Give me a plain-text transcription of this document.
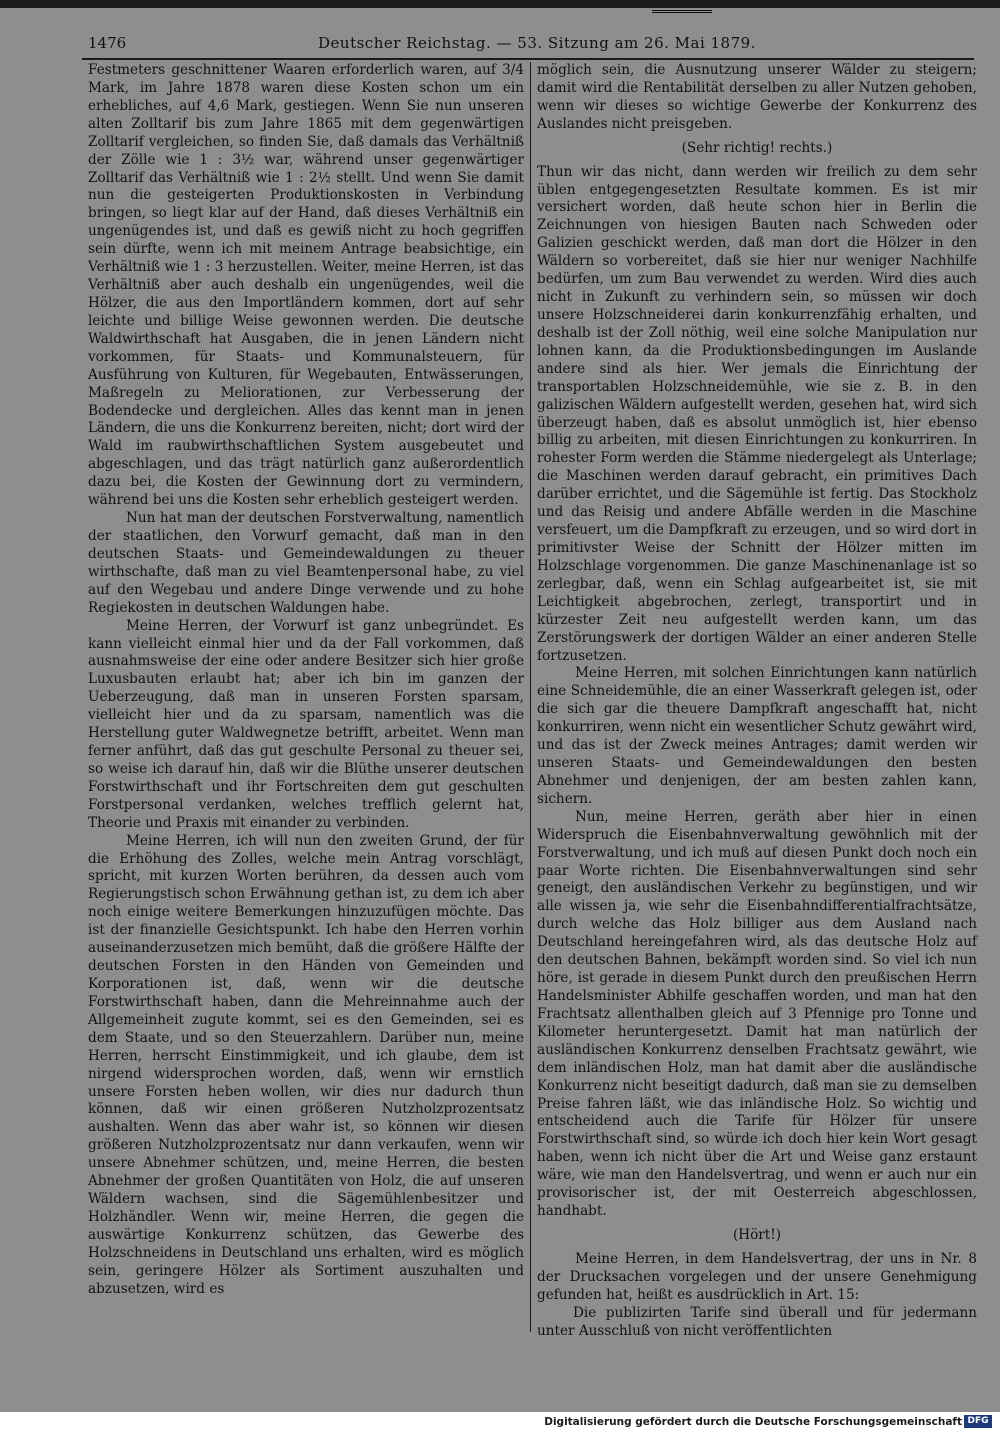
1476	Deutscher Reichstag. — 53. Sitzung am 26. Mai 1879.

Festmeters geschnittener Waaren erforderlich waren, auf 3/4 Mark, im Jahre 1878 waren diese Kosten schon um ein erhebliches, auf 4,6 Mark, gestiegen. Wenn Sie nun unseren alten Zolltarif bis zum Jahre 1865 mit dem gegenwärtigen Zolltarif vergleichen, so finden Sie, daß damals das Verhältniß der Zölle wie 1 : 3½ war, während unser gegenwärtiger Zolltarif das Verhältniß wie 1 : 2½ stellt. Und wenn Sie damit nun die gesteigerten Produktionskosten in Verbindung bringen, so liegt klar auf der Hand, daß dieses Verhältniß ein ungenügendes ist, und daß es gewiß nicht zu hoch gegriffen sein dürfte, wenn ich mit meinem Antrage beabsichtige, ein Verhältniß wie 1 : 3 herzustellen. Weiter, meine Herren, ist das Verhältniß aber auch deshalb ein ungenügendes, weil die Hölzer, die aus den Importländern kommen, dort auf sehr leichte und billige Weise gewonnen werden. Die deutsche Waldwirthschaft hat Ausgaben, die in jenen Ländern nicht vorkommen, für Staats- und Kommunalsteuern, für Ausführung von Kulturen, für Wegebauten, Entwässerungen, Maßregeln zu Meliorationen, zur Verbesserung der Bodendecke und dergleichen. Alles das kennt man in jenen Ländern, die uns die Konkurrenz bereiten, nicht; dort wird der Wald im raubwirthschaftlichen System ausgebeutet und abgeschlagen, und das trägt natürlich ganz außerordentlich dazu bei, die Kosten der Gewinnung dort zu vermindern, während bei uns die Kosten sehr erheblich gesteigert werden.

Nun hat man der deutschen Forstverwaltung, namentlich der staatlichen, den Vorwurf gemacht, daß man in den deutschen Staats- und Gemeindewaldungen zu theuer wirthschafte, daß man zu viel Beamtenpersonal habe, zu viel auf den Wegebau und andere Dinge verwende und zu hohe Regiekosten in deutschen Waldungen habe.

Meine Herren, der Vorwurf ist ganz unbegründet. Es kann vielleicht einmal hier und da der Fall vorkommen, daß ausnahmsweise der eine oder andere Besitzer sich hier große Luxusbauten erlaubt hat; aber ich bin im ganzen der Ueberzeugung, daß man in unseren Forsten sparsam, vielleicht hier und da zu sparsam, namentlich was die Herstellung guter Waldwegnetze betrifft, arbeitet. Wenn man ferner anführt, daß das gut geschulte Personal zu theuer sei, so weise ich darauf hin, daß wir die Blüthe unserer deutschen Forstwirthschaft und ihr Fortschreiten dem gut geschulten Forstpersonal verdanken, welches trefflich gelernt hat, Theorie und Praxis mit einander zu verbinden.

Meine Herren, ich will nun den zweiten Grund, der für die Erhöhung des Zolles, welche mein Antrag vorschlägt, spricht, mit kurzen Worten berühren, da dessen auch vom Regierungstisch schon Erwähnung gethan ist, zu dem ich aber noch einige weitere Bemerkungen hinzuzufügen möchte. Das ist der finanzielle Gesichtspunkt. Ich habe den Herren vorhin auseinanderzusetzen mich bemüht, daß die größere Hälfte der deutschen Forsten in den Händen von Gemeinden und Korporationen ist, daß, wenn wir die deutsche Forstwirthschaft haben, dann die Mehreinnahme auch der Allgemeinheit zugute kommt, sei es den Gemeinden, sei es dem Staate, und so den Steuerzahlern. Darüber nun, meine Herren, herrscht Einstimmigkeit, und ich glaube, dem ist nirgend widersprochen worden, daß, wenn wir ernstlich unsere Forsten heben wollen, wir dies nur dadurch thun können, daß wir einen größeren Nutzholzprozentsatz aushalten. Wenn das aber wahr ist, so können wir diesen größeren Nutzholzprozentsatz nur dann verkaufen, wenn wir unsere Abnehmer schützen, und, meine Herren, die besten Abnehmer der großen Quantitäten von Holz, die auf unseren Wäldern wachsen, sind die Sägemühlenbesitzer und Holzhändler. Wenn wir, meine Herren, die gegen die auswärtige Konkurrenz schützen, das Gewerbe des Holzschneidens in Deutschland uns erhalten, wird es möglich sein, geringere Hölzer als Sortiment auszuhalten und abzusetzen, wird es

möglich sein, die Ausnutzung unserer Wälder zu steigern; damit wird die Rentabilität derselben zu aller Nutzen gehoben, wenn wir dieses so wichtige Gewerbe der Konkurrenz des Auslandes nicht preisgeben.

(Sehr richtig! rechts.)

Thun wir das nicht, dann werden wir freilich zu dem sehr üblen entgegengesetzten Resultate kommen. Es ist mir versichert worden, daß heute schon hier in Berlin die Zeichnungen von hiesigen Bauten nach Schweden oder Galizien geschickt werden, daß man dort die Hölzer in den Wäldern so vorbereitet, daß sie hier nur weniger Nachhilfe bedürfen, um zum Bau verwendet zu werden. Wird dies auch nicht in Zukunft zu verhindern sein, so müssen wir doch unsere Holzschneiderei darin konkurrenzfähig erhalten, und deshalb ist der Zoll nöthig, weil eine solche Manipulation nur lohnen kann, da die Produktionsbedingungen im Auslande andere sind als hier. Wer jemals die Einrichtung der transportablen Holzschneidemühle, wie sie z. B. in den galizischen Wäldern aufgestellt werden, gesehen hat, wird sich überzeugt haben, daß es absolut unmöglich ist, hier ebenso billig zu arbeiten, mit diesen Einrichtungen zu konkurriren. In rohester Form werden die Stämme niedergelegt als Unterlage; die Maschinen werden darauf gebracht, ein primitives Dach darüber errichtet, und die Sägemühle ist fertig. Das Stockholz und das Reisig und andere Abfälle werden in die Maschine versfeuert, um die Dampfkraft zu erzeugen, und so wird dort in primitivster Weise der Schnitt der Hölzer mitten im Holzschlage vorgenommen. Die ganze Maschinenanlage ist so zerlegbar, daß, wenn ein Schlag aufgearbeitet ist, sie mit Leichtigkeit abgebrochen, zerlegt, transportirt und in kürzester Zeit neu aufgestellt werden kann, um das Zerstörungswerk der dortigen Wälder an einer anderen Stelle fortzusetzen.

Meine Herren, mit solchen Einrichtungen kann natürlich eine Schneidemühle, die an einer Wasserkraft gelegen ist, oder die sich gar die theuere Dampfkraft angeschafft hat, nicht konkurriren, wenn nicht ein wesentlicher Schutz gewährt wird, und das ist der Zweck meines Antrages; damit werden wir unseren Staats- und Gemeindewaldungen den besten Abnehmer und denjenigen, der am besten zahlen kann, sichern.

Nun, meine Herren, geräth aber hier in einen Widerspruch die Eisenbahnverwaltung gewöhnlich mit der Forstverwaltung, und ich muß auf diesen Punkt doch noch ein paar Worte richten. Die Eisenbahnverwaltungen sind sehr geneigt, den ausländischen Verkehr zu begünstigen, und wir alle wissen ja, wie sehr die Eisenbahndifferentialfrachtsätze, durch welche das Holz billiger aus dem Ausland nach Deutschland hereingefahren wird, als das deutsche Holz auf den deutschen Bahnen, bekämpft worden sind. So viel ich nun höre, ist gerade in diesem Punkt durch den preußischen Herrn Handelsminister Abhilfe geschaffen worden, und man hat den Frachtsatz allenthalben gleich auf 3 Pfennige pro Tonne und Kilometer heruntergesetzt. Damit hat man natürlich der ausländischen Konkurrenz denselben Frachtsatz gewährt, wie dem inländischen Holz, man hat damit aber die ausländische Konkurrenz nicht beseitigt dadurch, daß man sie zu demselben Preise fahren läßt, wie das inländische Holz. So wichtig und entscheidend auch die Tarife für Hölzer für unsere Forstwirthschaft sind, so würde ich doch hier kein Wort gesagt haben, wenn ich nicht über die Art und Weise ganz erstaunt wäre, wie man den Handelsvertrag, und wenn er auch nur ein provisorischer ist, der mit Oesterreich abgeschlossen, handhabt.

(Hört!)

Meine Herren, in dem Handelsvertrag, der uns in Nr. 8 der Drucksachen vorgelegen und der unsere Genehmigung gefunden hat, heißt es ausdrücklich in Art. 15:

Die publizirten Tarife sind überall und für jedermann unter Ausschluß von nicht veröffentlichten

Digitalisierung gefördert durch die Deutsche Forschungsgemeinschaft DFG
